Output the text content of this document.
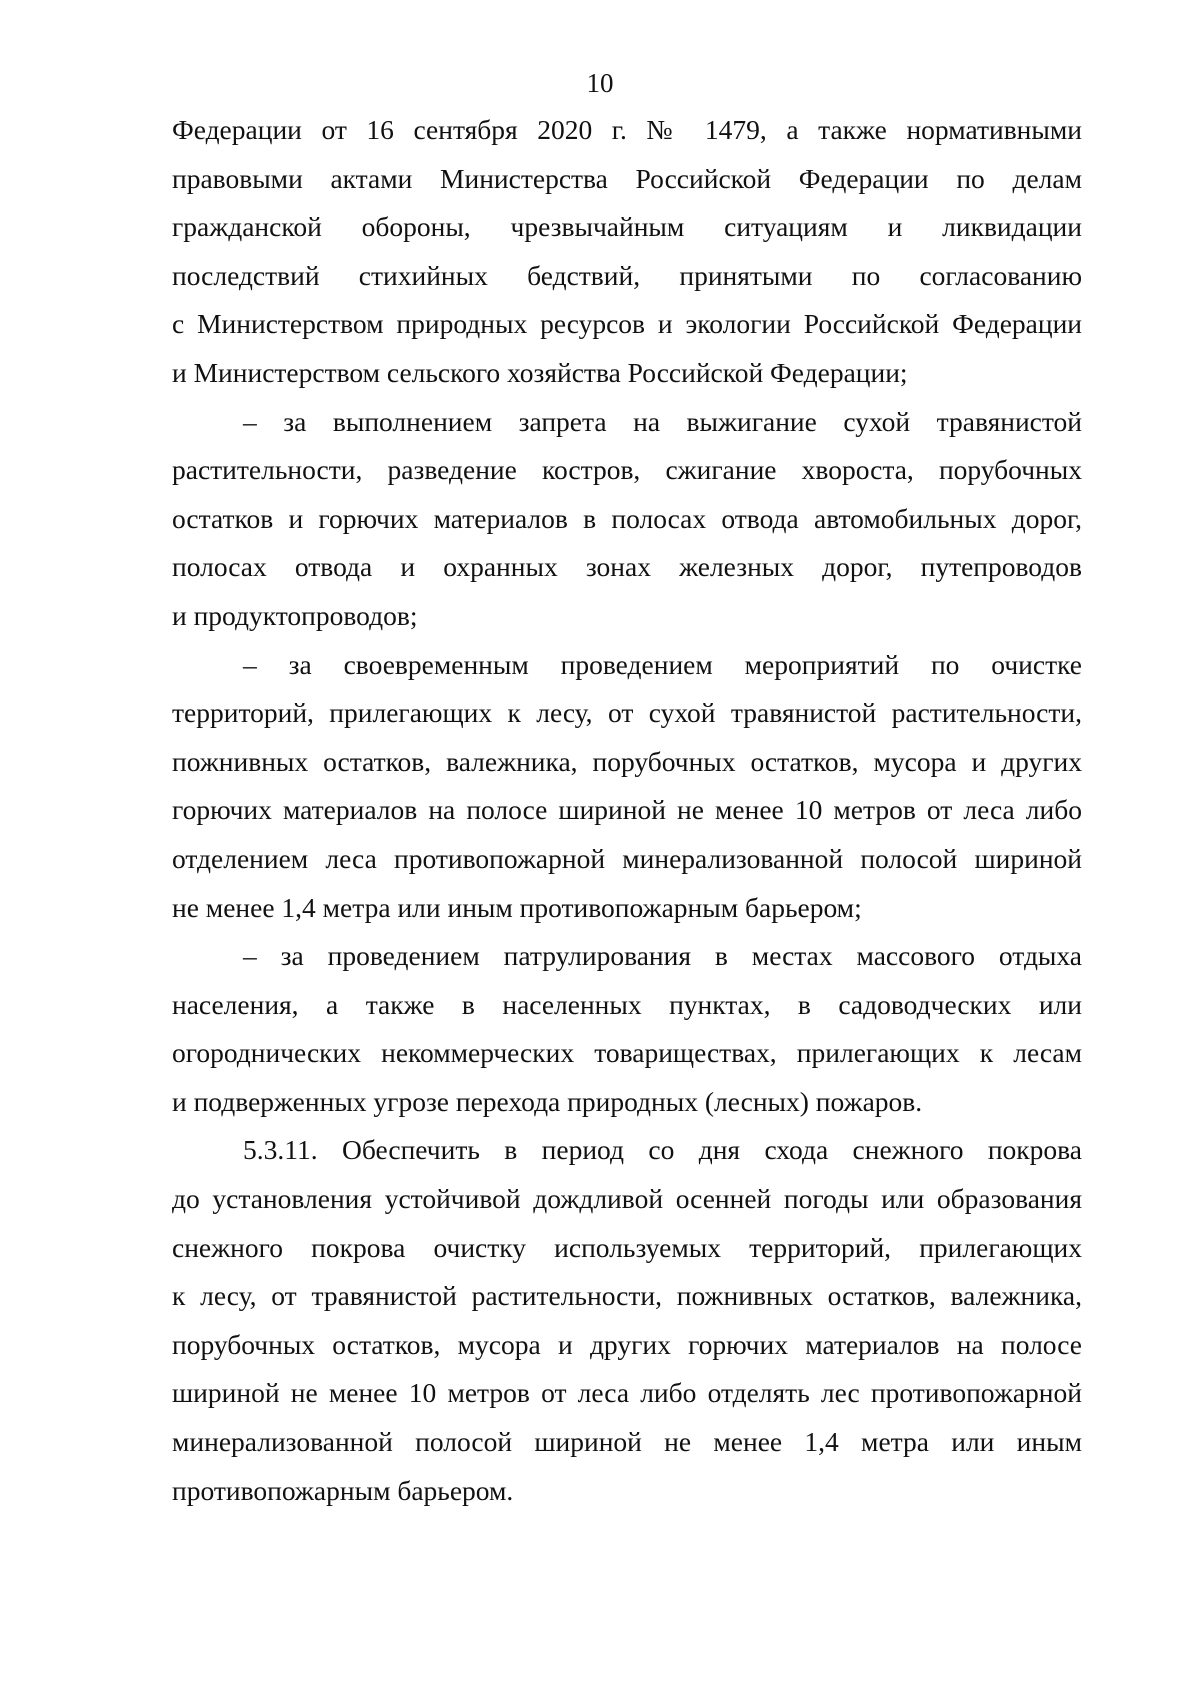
10
Федерации от 16 сентября 2020 г. № 1479, а также нормативными
правовыми актами Министерства Российской Федерации по делам
гражданской обороны, чрезвычайным ситуациям и ликвидации
последствий стихийных бедствий, принятыми по согласованию
с Министерством природных ресурсов и экологии Российской Федерации
и Министерством сельского хозяйства Российской Федерации;
– за выполнением запрета на выжигание сухой травянистой
растительности, разведение костров, сжигание хвороста, порубочных
остатков и горючих материалов в полосах отвода автомобильных дорог,
полосах отвода и охранных зонах железных дорог, путепроводов
и продуктопроводов;
– за своевременным проведением мероприятий по очистке
территорий, прилегающих к лесу, от сухой травянистой растительности,
пожнивных остатков, валежника, порубочных остатков, мусора и других
горючих материалов на полосе шириной не менее 10 метров от леса либо
отделением леса противопожарной минерализованной полосой шириной
не менее 1,4 метра или иным противопожарным барьером;
– за проведением патрулирования в местах массового отдыха
населения, а также в населенных пунктах, в садоводческих или
огороднических некоммерческих товариществах, прилегающих к лесам
и подверженных угрозе перехода природных (лесных) пожаров.
5.3.11. Обеспечить в период со дня схода снежного покрова
до установления устойчивой дождливой осенней погоды или образования
снежного покрова очистку используемых территорий, прилегающих
к лесу, от травянистой растительности, пожнивных остатков, валежника,
порубочных остатков, мусора и других горючих материалов на полосе
шириной не менее 10 метров от леса либо отделять лес противопожарной
минерализованной полосой шириной не менее 1,4 метра или иным
противопожарным барьером.
